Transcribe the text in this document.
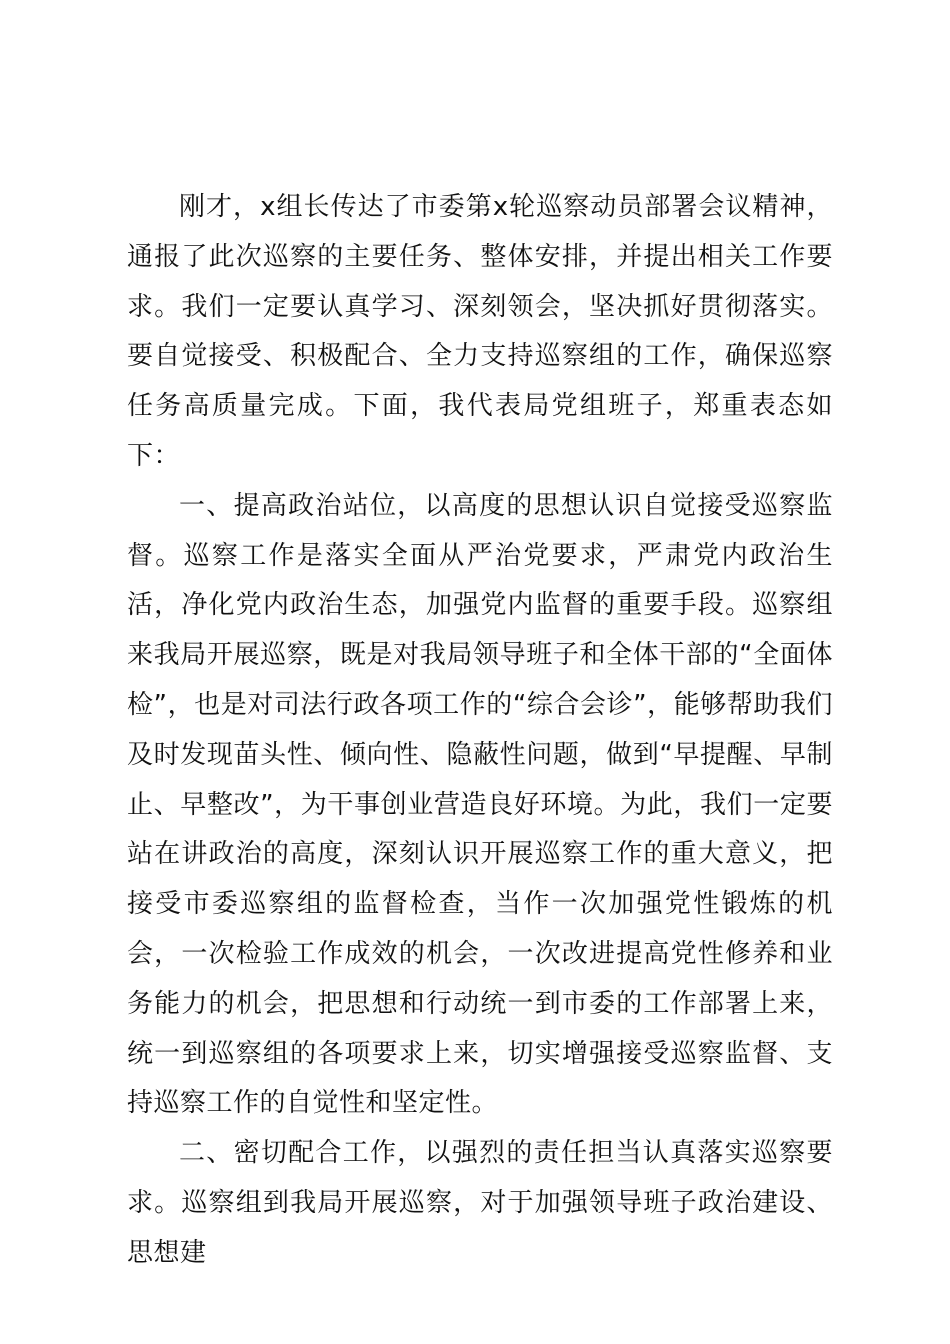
刚才，x组长传达了市委第x轮巡察动员部署会议精神，通报了此次巡察的主要任务、整体安排，并提出相关工作要求。我们一定要认真学习、深刻领会，坚决抓好贯彻落实。要自觉接受、积极配合、全力支持巡察组的工作，确保巡察任务高质量完成。下面，我代表局党组班子，郑重表态如下：

一、提高政治站位，以高度的思想认识自觉接受巡察监督。巡察工作是落实全面从严治党要求，严肃党内政治生活，净化党内政治生态，加强党内监督的重要手段。巡察组来我局开展巡察，既是对我局领导班子和全体干部的“全面体检”，也是对司法行政各项工作的“综合会诊”，能够帮助我们及时发现苗头性、倾向性、隐蔽性问题，做到“早提醒、早制止、早整改”，为干事创业营造良好环境。为此，我们一定要站在讲政治的高度，深刻认识开展巡察工作的重大意义，把接受市委巡察组的监督检查，当作一次加强党性锻炼的机会，一次检验工作成效的机会，一次改进提高党性修养和业务能力的机会，把思想和行动统一到市委的工作部署上来，统一到巡察组的各项要求上来，切实增强接受巡察监督、支持巡察工作的自觉性和坚定性。

二、密切配合工作，以强烈的责任担当认真落实巡察要求。巡察组到我局开展巡察，对于加强领导班子政治建设、思想建
